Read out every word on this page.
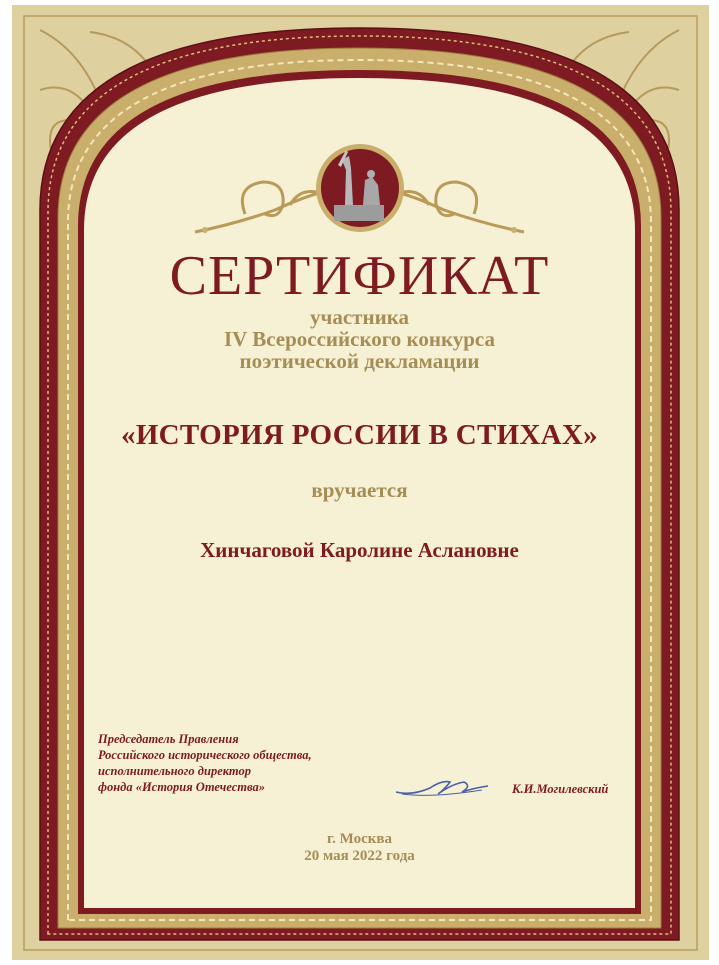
СЕРТИФИКАТ
участника
IV Всероссийского конкурса
поэтической декламации
«ИСТОРИЯ РОССИИ В СТИХАХ»
вручается
Хинчаговой Каролине Аслановне
Председатель Правления
Российского исторического общества,
исполнительного директор
фонда «История Отечества»	К.И.Могилевский
г. Москва
20 мая 2022 года
